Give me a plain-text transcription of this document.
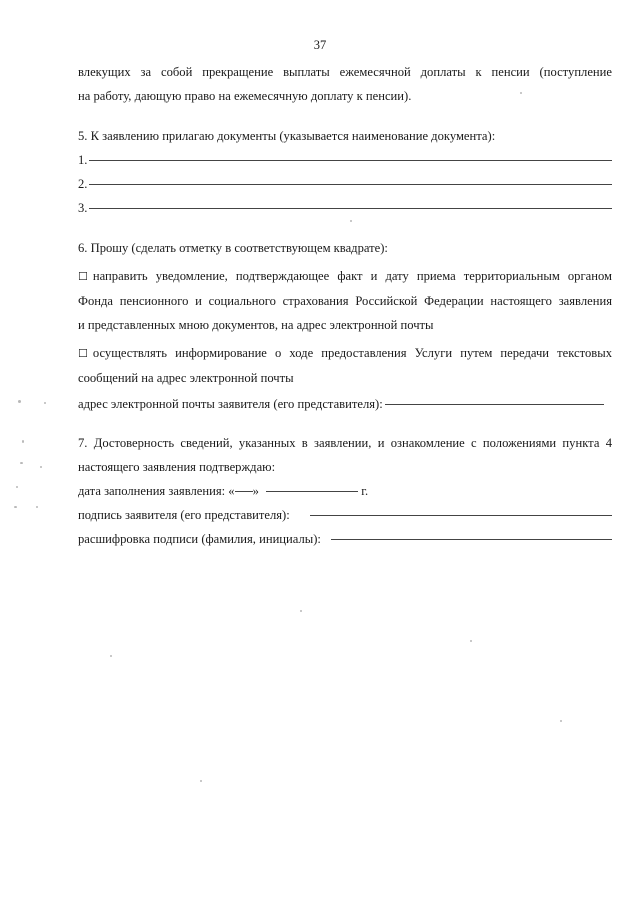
37
влекущих за собой прекращение выплаты ежемесячной доплаты к пенсии (поступление
на работу, дающую право на ежемесячную доплату к пенсии).
5. К заявлению прилагаю документы (указывается наименование документа):
1.
2.
3.
6. Прошу (сделать отметку в соответствующем квадрате):
☐ направить уведомление, подтверждающее факт и дату приема территориальным органом
Фонда пенсионного и социального страхования Российской Федерации настоящего заявления
и представленных мною документов, на адрес электронной почты
☐ осуществлять информирование о ходе предоставления Услуги путем передачи текстовых
сообщений на адрес электронной почты
адрес электронной почты заявителя (его представителя):
7. Достоверность сведений, указанных в заявлении, и ознакомление с положениями пункта 4
настоящего заявления подтверждаю:
дата заполнения заявления: « »	г.
подпись заявителя (его представителя):
расшифровка подписи (фамилия, инициалы):
